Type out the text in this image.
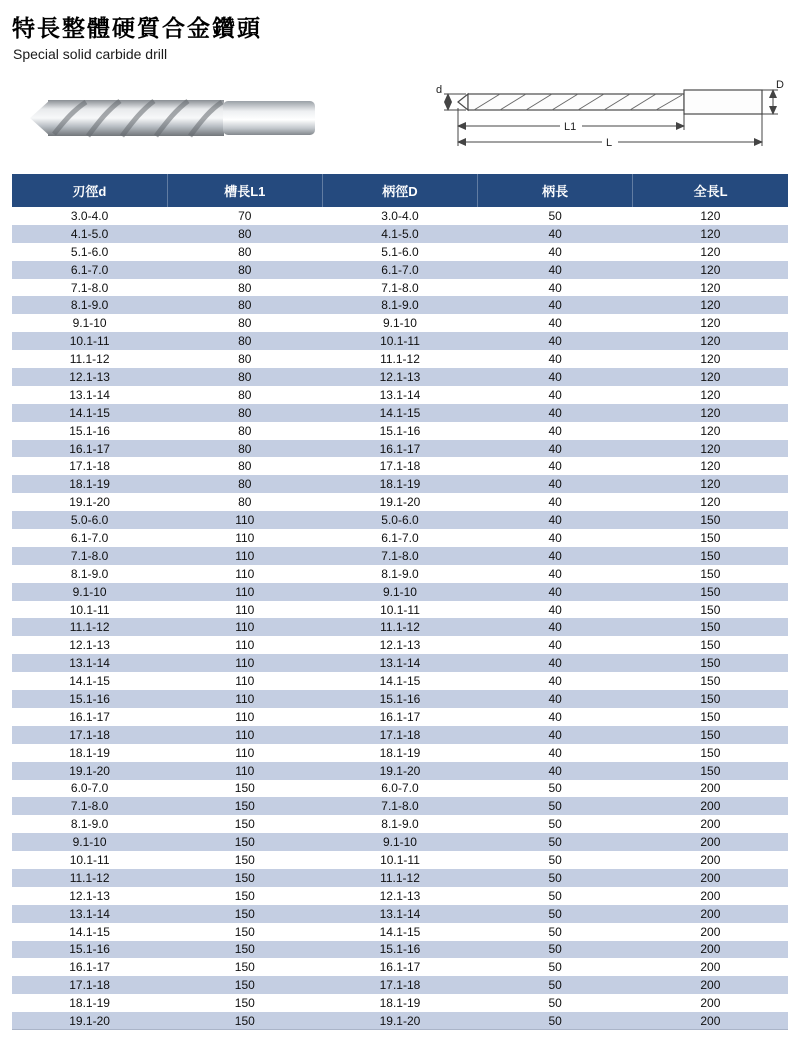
特長整體硬質合金鑽頭
Special solid carbide drill
d	D
L1
L
刃徑d	槽長L1	柄徑D	柄長	全長L
3.0-4.0	70	3.0-4.0	50	120
4.1-5.0	80	4.1-5.0	40	120
5.1-6.0	80	5.1-6.0	40	120
6.1-7.0	80	6.1-7.0	40	120
7.1-8.0	80	7.1-8.0	40	120
8.1-9.0	80	8.1-9.0	40	120
9.1-10	80	9.1-10	40	120
10.1-11	80	10.1-11	40	120
11.1-12	80	11.1-12	40	120
12.1-13	80	12.1-13	40	120
13.1-14	80	13.1-14	40	120
14.1-15	80	14.1-15	40	120
15.1-16	80	15.1-16	40	120
16.1-17	80	16.1-17	40	120
17.1-18	80	17.1-18	40	120
18.1-19	80	18.1-19	40	120
19.1-20	80	19.1-20	40	120
5.0-6.0	110	5.0-6.0	40	150
6.1-7.0	110	6.1-7.0	40	150
7.1-8.0	110	7.1-8.0	40	150
8.1-9.0	110	8.1-9.0	40	150
9.1-10	110	9.1-10	40	150
10.1-11	110	10.1-11	40	150
11.1-12	110	11.1-12	40	150
12.1-13	110	12.1-13	40	150
13.1-14	110	13.1-14	40	150
14.1-15	110	14.1-15	40	150
15.1-16	110	15.1-16	40	150
16.1-17	110	16.1-17	40	150
17.1-18	110	17.1-18	40	150
18.1-19	110	18.1-19	40	150
19.1-20	110	19.1-20	40	150
6.0-7.0	150	6.0-7.0	50	200
7.1-8.0	150	7.1-8.0	50	200
8.1-9.0	150	8.1-9.0	50	200
9.1-10	150	9.1-10	50	200
10.1-11	150	10.1-11	50	200
11.1-12	150	11.1-12	50	200
12.1-13	150	12.1-13	50	200
13.1-14	150	13.1-14	50	200
14.1-15	150	14.1-15	50	200
15.1-16	150	15.1-16	50	200
16.1-17	150	16.1-17	50	200
17.1-18	150	17.1-18	50	200
18.1-19	150	18.1-19	50	200
19.1-20	150	19.1-20	50	200
